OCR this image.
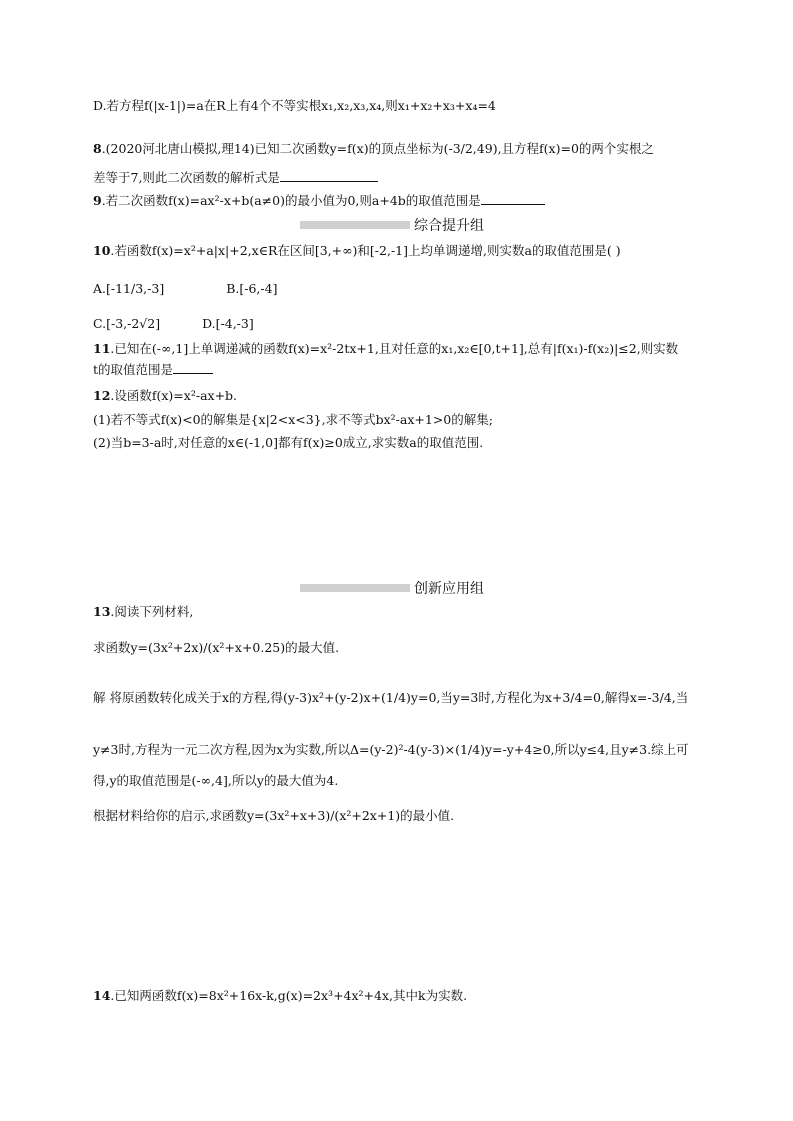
D.若方程f(|x-1|)=a在R上有4个不等实根x₁,x₂,x₃,x₄,则x₁+x₂+x₃+x₄=4
8.(2020河北唐山模拟,理14)已知二次函数y=f(x)的顶点坐标为(-3/2,49),且方程f(x)=0的两个实根之
差等于7,则此二次函数的解析式是
9.若二次函数f(x)=ax²-x+b(a≠0)的最小值为0,则a+4b的取值范围是
综合提升组
10.若函数f(x)=x²+a|x|+2,x∈R在区间[3,+∞)和[-2,-1]上均单调递增,则实数a的取值范围是( )
A.[-11/3,-3]	B.[-6,-4]
C.[-3,-2√2]	D.[-4,-3]
11.已知在(-∞,1]上单调递减的函数f(x)=x²-2tx+1,且对任意的x₁,x₂∈[0,t+1],总有|f(x₁)-f(x₂)|≤2,则实数
t的取值范围是
12.设函数f(x)=x²-ax+b.
(1)若不等式f(x)<0的解集是{x|2<x<3},求不等式bx²-ax+1>0的解集;
(2)当b=3-a时,对任意的x∈(-1,0]都有f(x)≥0成立,求实数a的取值范围.
创新应用组
13.阅读下列材料,
求函数y=(3x²+2x)/(x²+x+0.25)的最大值.
解 将原函数转化成关于x的方程,得(y-3)x²+(y-2)x+(1/4)y=0,当y=3时,方程化为x+3/4=0,解得x=-3/4,当
y≠3时,方程为一元二次方程,因为x为实数,所以Δ=(y-2)²-4(y-3)×(1/4)y=-y+4≥0,所以y≤4,且y≠3.综上可
得,y的取值范围是(-∞,4],所以y的最大值为4.
根据材料给你的启示,求函数y=(3x²+x+3)/(x²+2x+1)的最小值.
14.已知两函数f(x)=8x²+16x-k,g(x)=2x³+4x²+4x,其中k为实数.
